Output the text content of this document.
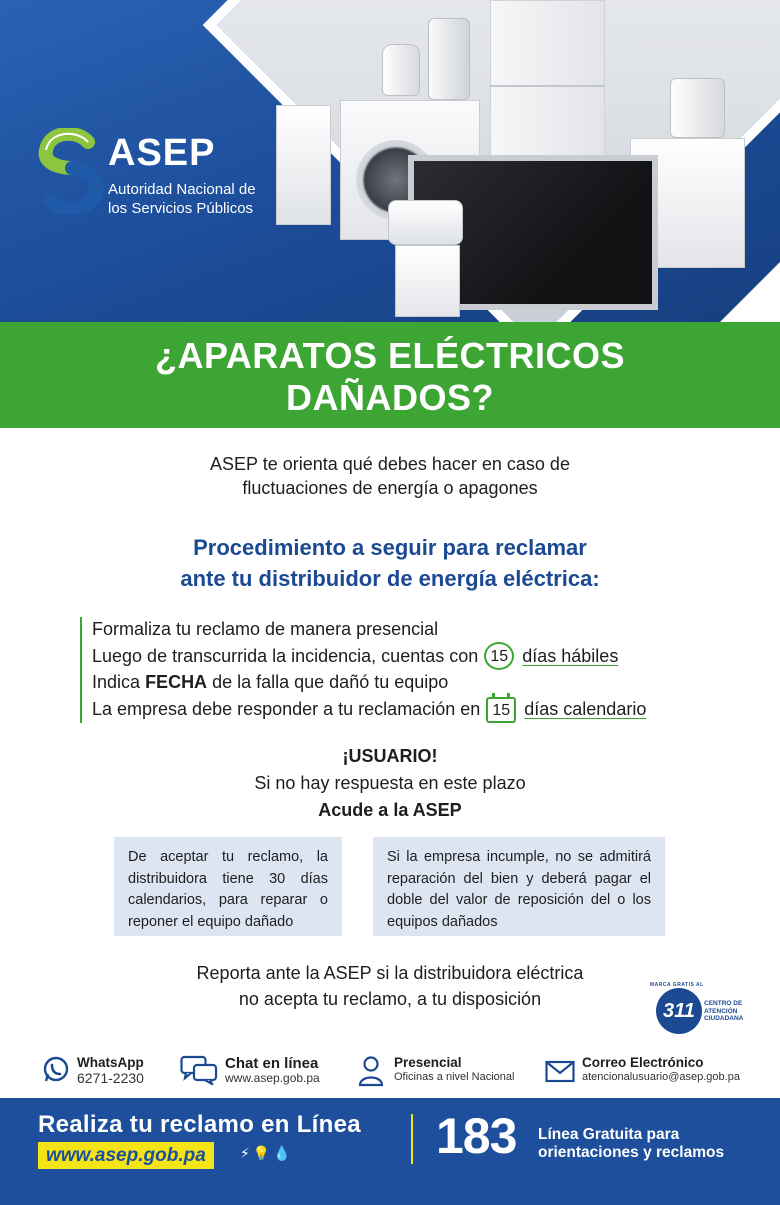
ASEP
Autoridad Nacional de
los Servicios Públicos
¿APARATOS ELÉCTRICOS
DAÑADOS?
ASEP te orienta qué debes hacer en caso de
fluctuaciones de energía o apagones
Procedimiento a seguir para reclamar
ante tu distribuidor de energía eléctrica:
Formaliza tu reclamo de manera presencial
Luego de transcurrida la incidencia, cuentas con 15 días hábiles
Indica
FECHA
de la falla que dañó tu equipo
La empresa debe responder a tu reclamación en 15 días calendario
¡USUARIO!
Si no hay respuesta en este plazo
Acude a la ASEP
De aceptar tu reclamo, la distribuidora tiene 30 días calendarios, para reparar o reponer el equipo dañado
Si la empresa incumple, no se admitirá reparación del bien y deberá pagar el doble del valor de reposición del o los equipos dañados
Reporta ante la ASEP si la distribuidora eléctrica
no acepta tu reclamo, a tu disposición
MARCA GRATIS AL
311	CENTRO DE
ATENCIÓN
CIUDADANA
WhatsApp
6271-2230
Chat en línea
www.asep.gob.pa
Presencial
Oficinas a nivel Nacional
Correo Electrónico
atencionalusuario@asep.gob.pa
Realiza tu reclamo en Línea
www.asep.gob.pa	⚡💡💧	183 Línea Gratuita para
orientaciones y reclamos
